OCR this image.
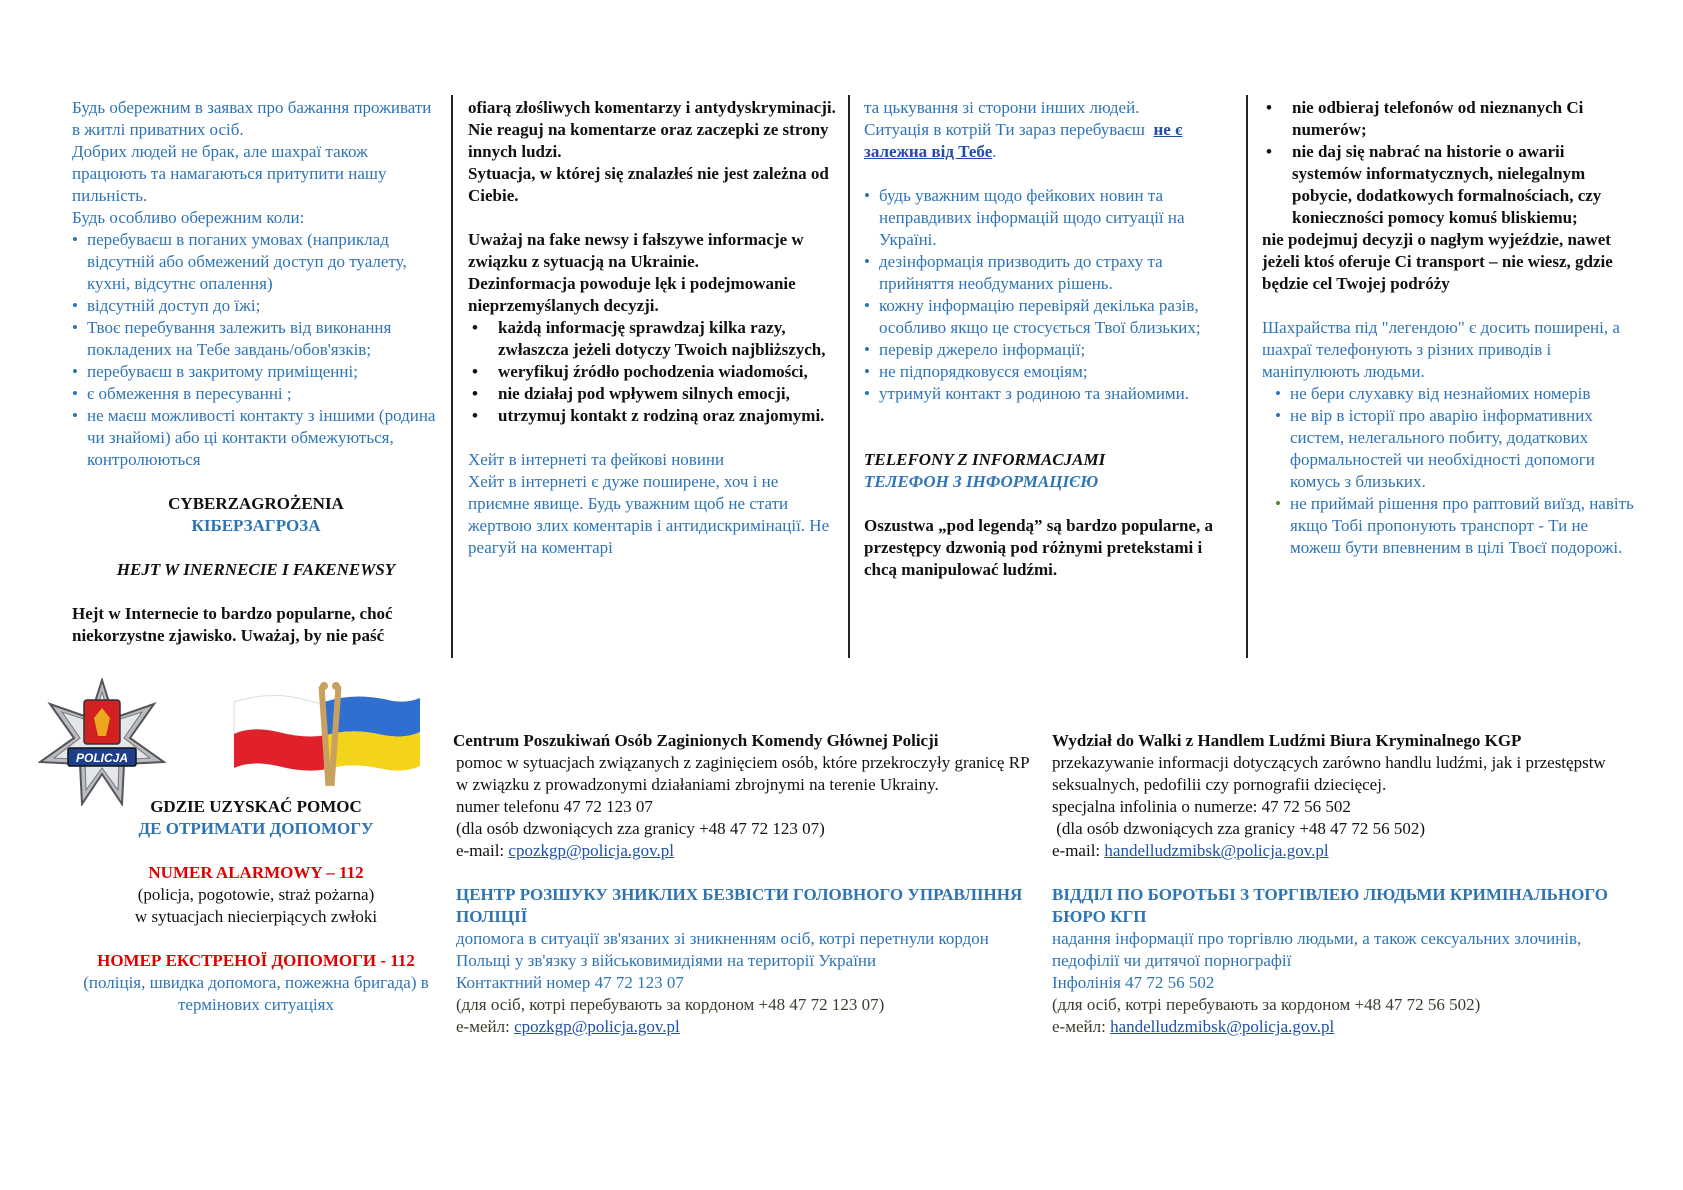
Будь обережним в заявах про бажання проживати в житлі приватних осіб.

Добрих людей не брак, але шахраї також працюють та намагаються притупити нашу пильність.

Будь особливо обережним коли:

• перебуваєш в поганих умовах (наприклад відсутній або обмежений доступ до туалету, кухні, відсутнє опалення)
• відсутній доступ до їжі;
• Твоє перебування залежить від виконання покладених на Тебе завдань/обов'язків;
• перебуваєш в закритому приміщенні;
• є обмеження в пересуванні ;
• не маєш можливості контакту з іншими (родина чи знайомі) або ці контакти обмежуються, контролюються

CYBERZAGROŻENIA

КІБЕРЗАГРОЗА

HEJT W INERNECIE I FAKENEWSY

Hejt w Internecie to bardzo popularne, choć niekorzystne zjawisko. Uważaj, by nie paść

ofiarą złośliwych komentarzy i antydyskryminacji.

Nie reaguj na komentarze oraz zaczepki ze strony innych ludzi.

Sytuacja, w której się znalazłeś nie jest zależna od Ciebie.

Uważaj na fake newsy i fałszywe informacje w związku z sytuacją na Ukrainie.

Dezinformacja powoduje lęk i podejmowanie nieprzemyślanych decyzji.

• każdą informację sprawdzaj kilka razy, zwłaszcza jeżeli dotyczy Twoich najbliższych,
• weryfikuj źródło pochodzenia wiadomości,
• nie działaj pod wpływem silnych emocji,
• utrzymuj kontakt z rodziną oraz znajomymi.

Хейт в інтернеті та фейкові новини

Хейт в інтернеті є дуже поширене, хоч і не приємне явище. Будь уважним щоб не стати жертвою злих коментарів і антидискримінації. Не реагуй на коментарі

та цькування зі сторони інших людей.

Ситуація в котрій Ти зараз перебуваєш не є залежна від Тебе.

• будь уважним щодо фейкових новин та неправдивих інформацій щодо ситуації на Україні.
• дезінформація призводить до страху та прийняття необдуманих рішень.
• кожну інформацію перевіряй декілька разів, особливо якщо це стосується Твої близьких;
• перевір джерело інформації;
• не підпорядковуєся емоціям;
• утримуй контакт з родиною та знайомими.

TELEFONY Z INFORMACJAMI

ТЕЛЕФОН З ІНФОРМАЦІЄЮ

Oszustwa „pod legendą” są bardzo popularne, a przestępcy dzwonią pod różnymi pretekstami i chcą manipulować ludźmi.

• nie odbieraj telefonów od nieznanych Ci numerów;
• nie daj się nabrać na historie o awarii systemów informatycznych, nielegalnym pobycie, dodatkowych formalnościach, czy konieczności pomocy komuś bliskiemu;

nie podejmuj decyzji o nagłym wyjeździe, nawet jeżeli ktoś oferuje Ci transport – nie wiesz, gdzie będzie cel Twojej podróży

Шахрайства під "легендою" є досить поширені, а шахраї телефонують з різних приводів і маніпулюють людьми.

• не бери слухавку від незнайомих номерів
• не вір в історії про аварію інформативних систем, нелегального побиту, додаткових формальностей чи необхідності допомоги комусь з близьких.
• не приймай рішення про раптовий виїзд, навіть якщо Тобі пропонують транспорт - Ти не можеш бути впевненим в цілі Твоєї подорожі.
POLICJA

GDZIE UZYSKAĆ POMOC

ДЕ ОТРИМАТИ ДОПОМОГУ

NUMER ALARMOWY – 112

(policja, pogotowie, straż pożarna)

w sytuacjach niecierpiących zwłoki

НОМЕР ЕКСТРЕНОЇ ДОПОМОГИ - 112

(поліція, швидка допомога, пожежна бригада) в термінових ситуаціях

Centrum Poszukiwań Osób Zaginionych Komendy Głównej Policji

pomoc w sytuacjach związanych z zaginięciem osób, które przekroczyły granicę RP w związku z prowadzonymi działaniami zbrojnymi na terenie Ukrainy.

numer telefonu 47 72 123 07

(dla osób dzwoniących zza granicy +48 47 72 123 07)

e-mail: cpozkgp@policja.gov.pl

ЦЕНТР РОЗШУКУ ЗНИКЛИХ БЕЗВІСТИ ГОЛОВНОГО УПРАВЛІННЯ ПОЛІЦІЇ

допомога в ситуації зв'язаних зі зникненням осіб, котрі перетнули кордон Польщі у зв'язку з військовимидіями на території України

Контактний номер 47 72 123 07

(для осіб, котрі перебувають за кордоном +48 47 72 123 07)

е-мейл: cpozkgp@policja.gov.pl

Wydział do Walki z Handlem Ludźmi Biura Kryminalnego KGP

przekazywanie informacji dotyczących zarówno handlu ludźmi, jak i przestępstw seksualnych, pedofilii czy pornografii dziecięcej.

specjalna infolinia o numerze: 47 72 56 502

(dla osób dzwoniących zza granicy +48 47 72 56 502)

e-mail: handelludzmibsk@policja.gov.pl

ВІДДІЛ ПО БОРОТЬБІ З ТОРГІВЛЕЮ ЛЮДЬМИ КРИМІНАЛЬНОГО БЮРО КГП

надання інформації про торгівлю людьми, а також сексуальних злочинів, педофілії чи дитячої порнографії

Інфолінія 47 72 56 502

(для осіб, котрі перебувають за кордоном +48 47 72 56 502)

е-мейл: handelludzmibsk@policja.gov.pl
